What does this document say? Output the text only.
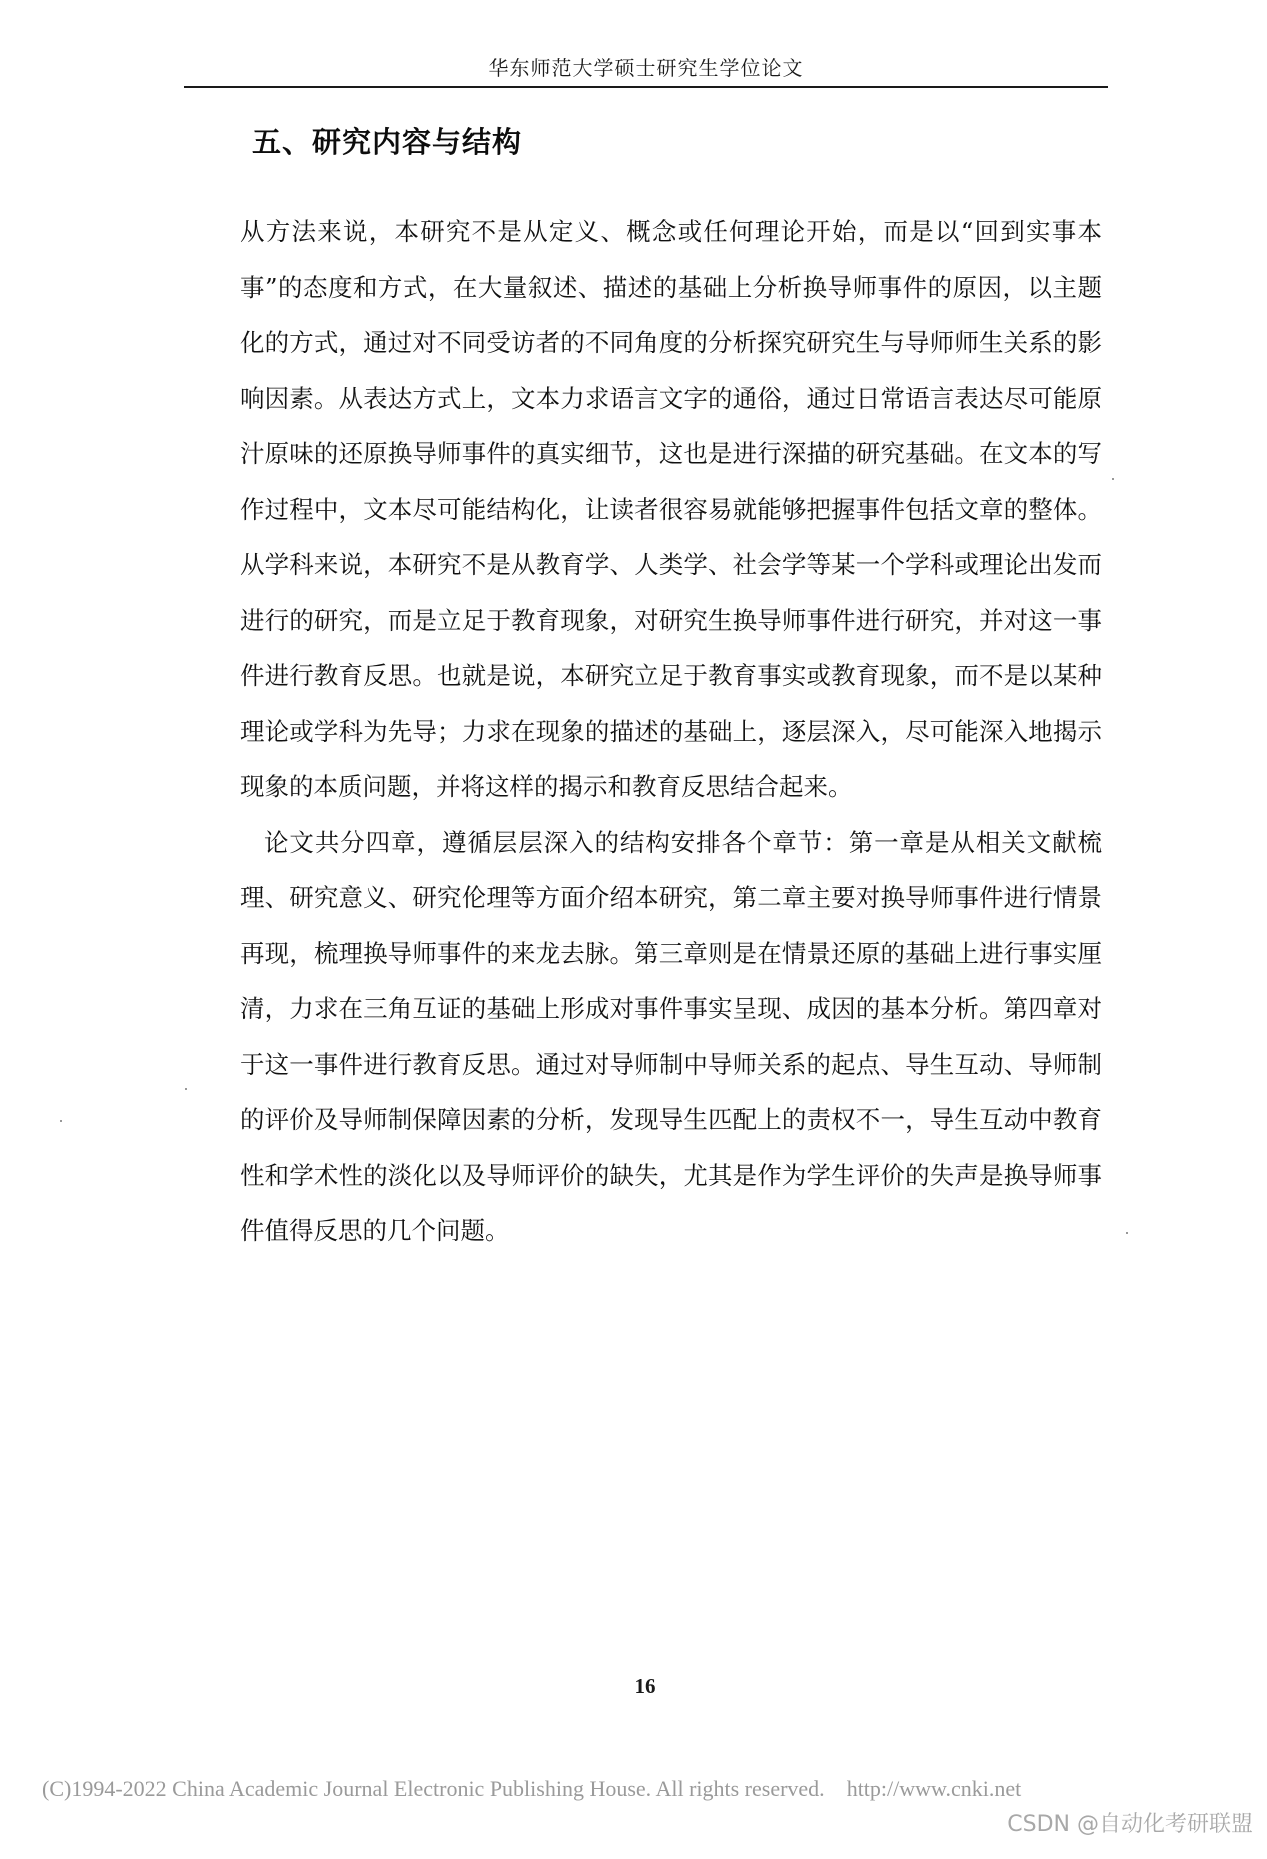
华东师范大学硕士研究生学位论文
五、研究内容与结构

从方法来说，本研究不是从定义、概念或任何理论开始，而是以“回到实事本事”的态度和方式，在大量叙述、描述的基础上分析换导师事件的原因，以主题化的方式，通过对不同受访者的不同角度的分析探究研究生与导师师生关系的影响因素。从表达方式上，文本力求语言文字的通俗，通过日常语言表达尽可能原汁原味的还原换导师事件的真实细节，这也是进行深描的研究基础。在文本的写作过程中，文本尽可能结构化，让读者很容易就能够把握事件包括文章的整体。从学科来说，本研究不是从教育学、人类学、社会学等某一个学科或理论出发而进行的研究，而是立足于教育现象，对研究生换导师事件进行研究，并对这一事件进行教育反思。也就是说，本研究立足于教育事实或教育现象，而不是以某种理论或学科为先导；力求在现象的描述的基础上，逐层深入，尽可能深入地揭示现象的本质问题，并将这样的揭示和教育反思结合起来。

论文共分四章，遵循层层深入的结构安排各个章节：第一章是从相关文献梳理、研究意义、研究伦理等方面介绍本研究，第二章主要对换导师事件进行情景再现，梳理换导师事件的来龙去脉。第三章则是在情景还原的基础上进行事实厘清，力求在三角互证的基础上形成对事件事实呈现、成因的基本分析。第四章对于这一事件进行教育反思。通过对导师制中导师关系的起点、导生互动、导师制的评价及导师制保障因素的分析，发现导生匹配上的责权不一，导生互动中教育性和学术性的淡化以及导师评价的缺失，尤其是作为学生评价的失声是换导师事件值得反思的几个问题。

16
(C)1994-2022 China Academic Journal Electronic Publishing House. All rights reserved. http://www.cnki.net
CSDN @自动化考研联盟
